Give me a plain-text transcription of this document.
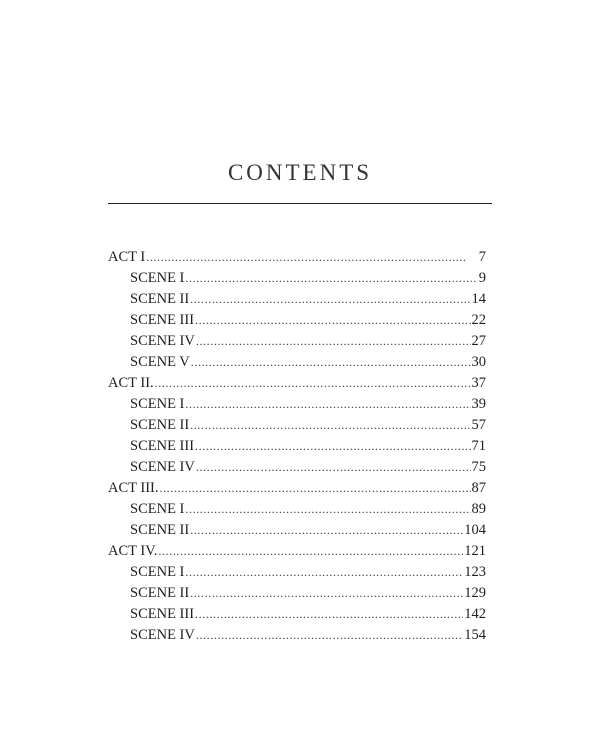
CONTENTS
ACT I . . .	7
SCENE I . . .	9
SCENE II . . .	14
SCENE III . . .	22
SCENE IV . . .	27
SCENE V . . .	30
ACT II. . . .	37
SCENE I . . .	39
SCENE II . . .	57
SCENE III . . .	71
SCENE IV . . .	75
ACT III. . . .	87
SCENE I . . .	89
SCENE II . . .	104
ACT IV. . . .	121
SCENE I . . .	123
SCENE II . . .	129
SCENE III . . .	142
SCENE IV . . .	154
